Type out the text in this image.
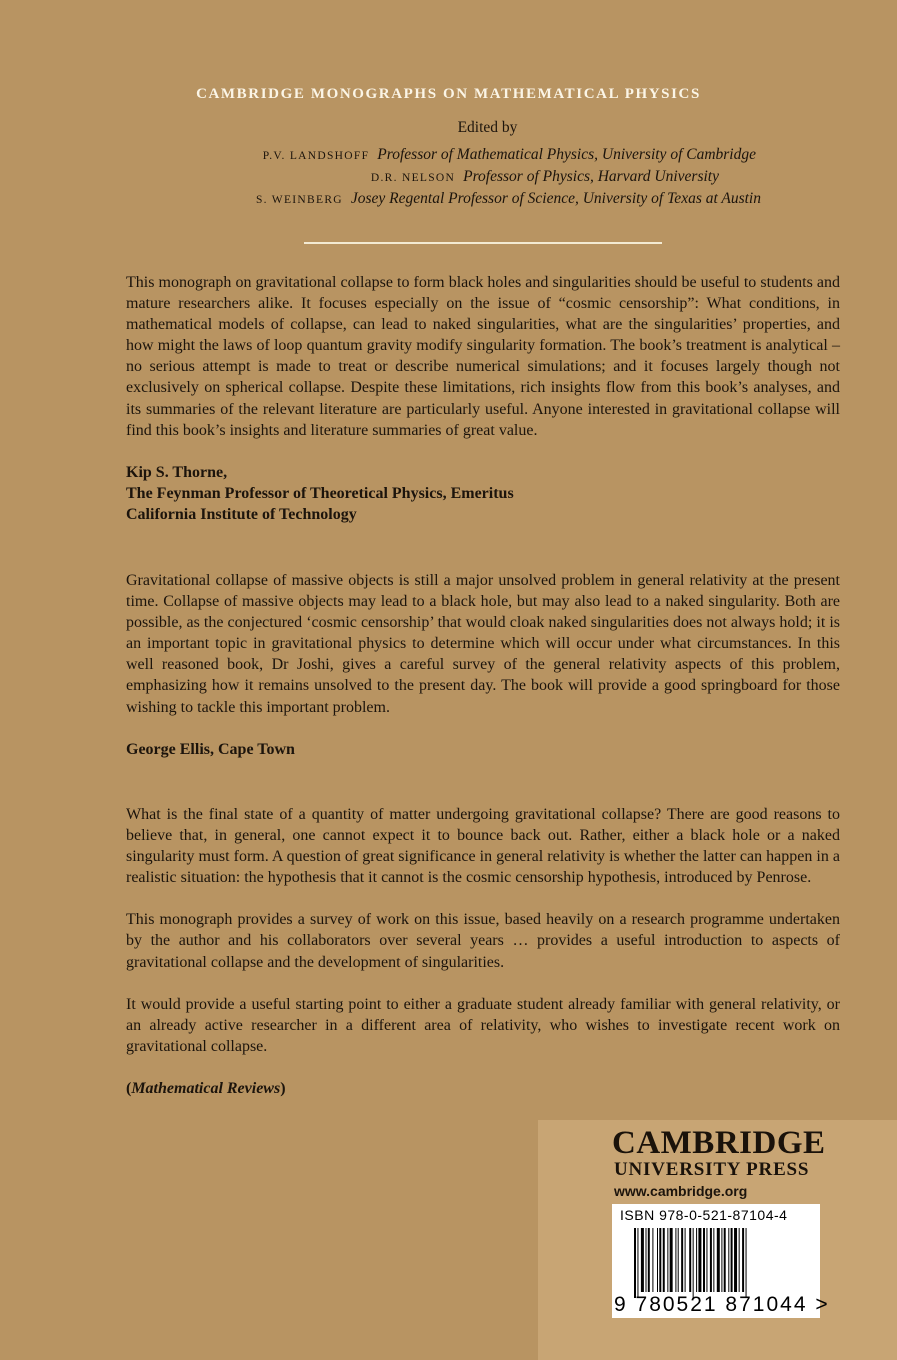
CAMBRIDGE MONOGRAPHS ON MATHEMATICAL PHYSICS
Edited by
P.V. LANDSHOFF Professor of Mathematical Physics, University of Cambridge
D.R. NELSON Professor of Physics, Harvard University
S. WEINBERG Josey Regental Professor of Science, University of Texas at Austin

This monograph on gravitational collapse to form black holes and singularities should be useful to students and mature researchers alike. It focuses especially on the issue of “cosmic censorship”: What conditions, in mathematical models of collapse, can lead to naked singularities, what are the singularities’ properties, and how might the laws of loop quantum gravity modify singularity formation. The book’s treatment is analytical – no serious attempt is made to treat or describe numerical simulations; and it focuses largely though not exclusively on spherical collapse. Despite these limitations, rich insights flow from this book’s analyses, and its summaries of the relevant literature are particularly useful. Anyone interested in gravitational collapse will find this book’s insights and literature summaries of great value.

Kip S. Thorne,
The Feynman Professor of Theoretical Physics, Emeritus
California Institute of Technology

Gravitational collapse of massive objects is still a major unsolved problem in general relativity at the present time. Collapse of massive objects may lead to a black hole, but may also lead to a naked singularity. Both are possible, as the conjectured ‘cosmic censorship’ that would cloak naked singularities does not always hold; it is an important topic in gravitational physics to determine which will occur under what circumstances. In this well reasoned book, Dr Joshi, gives a careful survey of the general relativity aspects of this problem, emphasizing how it remains unsolved to the present day. The book will provide a good springboard for those wishing to tackle this important problem.

George Ellis, Cape Town

What is the final state of a quantity of matter undergoing gravitational collapse? There are good reasons to believe that, in general, one cannot expect it to bounce back out. Rather, either a black hole or a naked singularity must form. A question of great significance in general relativity is whether the latter can happen in a realistic situation: the hypothesis that it cannot is the cosmic censorship hypothesis, introduced by Penrose.

This monograph provides a survey of work on this issue, based heavily on a research programme undertaken by the author and his collaborators over several years … provides a useful introduction to aspects of gravitational collapse and the development of singularities.

It would provide a useful starting point to either a graduate student already familiar with general relativity, or an already active researcher in a different area of relativity, who wishes to investigate recent work on gravitational collapse.

(Mathematical Reviews)

CAMBRIDGE
UNIVERSITY PRESS
www.cambridge.org
ISBN 978-0-521-87104-4
9 780521 871044 >
